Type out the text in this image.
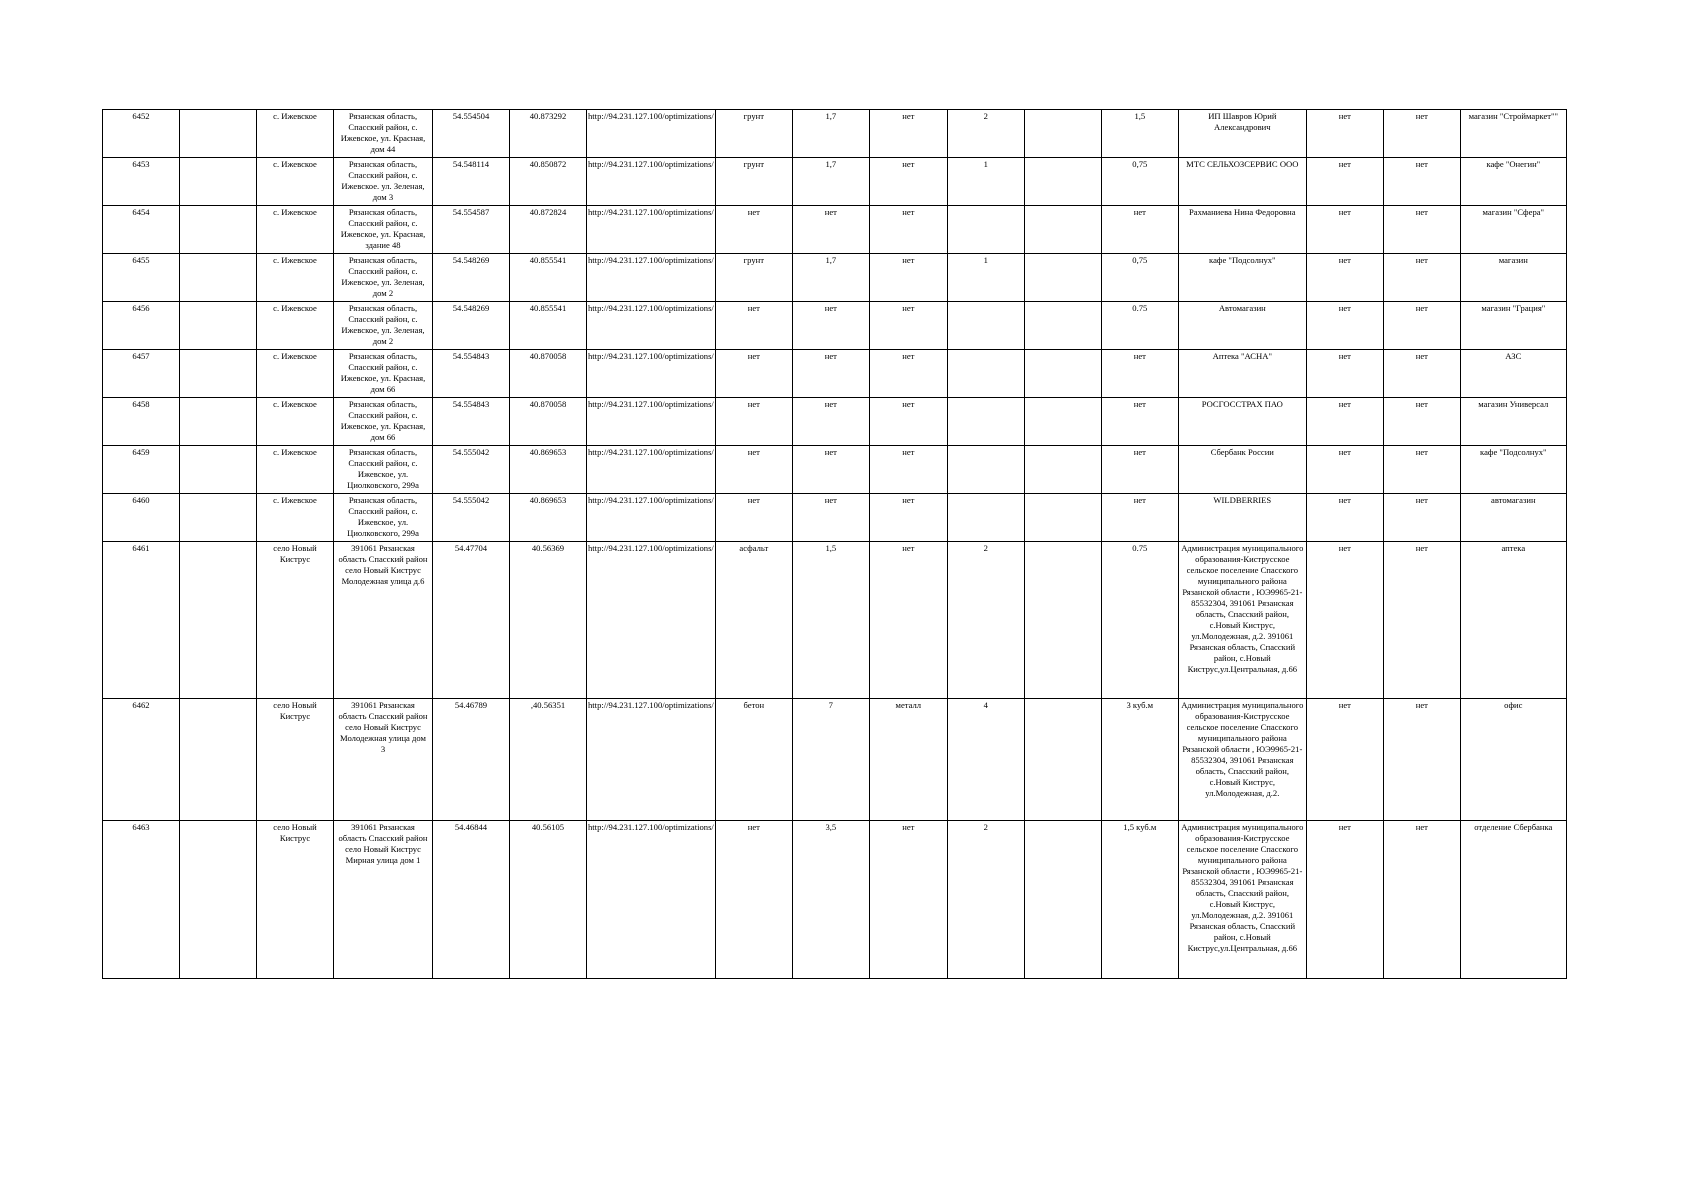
6452		с. Ижевское	Рязанская область, Спасский район, с. Ижевское, ул. Красная, дом 44	54.554504	40.873292	http://94.231.127.100/optimizations/	грунт	1,7	нет	2		1,5	ИП Шавров Юрий Александрович	нет	нет	магазин "Строймаркет""
6453		с. Ижевское	Рязанская область, Спасский район, с. Ижевское. ул. Зеленая, дом 3	54.548114	40.850872	http://94.231.127.100/optimizations/	грунт	1,7	нет	1		0,75	МТС СЕЛЬХОЗСЕРВИС ООО	нет	нет	кафе "Онегин"
6454		с. Ижевское	Рязанская область, Спасский район, с. Ижевское, ул. Красная, здание 48	54.554587	40.872824	http://94.231.127.100/optimizations/	нет	нет	нет			нет	Рахманиева Нина Федоровна	нет	нет	магазин "Сфера"
6455		с. Ижевское	Рязанская область, Спасский район, с. Ижевское, ул. Зеленая, дом 2	54.548269	40.855541	http://94.231.127.100/optimizations/	грунт	1,7	нет	1		0,75	кафе "Подсолнух"	нет	нет	магазин
6456		с. Ижевское	Рязанская область, Спасский район, с. Ижевское, ул. Зеленая, дом 2	54.548269	40.855541	http://94.231.127.100/optimizations/	нет	нет	нет			0.75	Автомагазин	нет	нет	магазин "Грация"
6457		с. Ижевское	Рязанская область, Спасский район, с. Ижевское, ул. Красная, дом 66	54.554843	40.870058	http://94.231.127.100/optimizations/	нет	нет	нет			нет	Аптека "АСНА"	нет	нет	АЗС
6458		с. Ижевское	Рязанская область, Спасский район, с. Ижевское, ул. Красная, дом 66	54.554843	40.870058	http://94.231.127.100/optimizations/	нет	нет	нет			нет	РОСГОССТРАХ ПАО	нет	нет	магазин Универсал
6459		с. Ижевское	Рязанская область, Спасский район, с. Ижевское, ул. Циолковского, 299а	54.555042	40.869653	http://94.231.127.100/optimizations/	нет	нет	нет			нет	Сбербанк России	нет	нет	кафе "Подсолнух"
6460		с. Ижевское	Рязанская область, Спасский район, с. Ижевское, ул. Циолковского, 299а	54.555042	40.869653	http://94.231.127.100/optimizations/	нет	нет	нет			нет	WILDBERRIES	нет	нет	автомагазин
6461		село Новый Киструс	391061 Рязанская область Спасский район село Новый Киструс Молодежная улица д.6	54.47704	40.56369	http://94.231.127.100/optimizations/	асфальт	1,5	нет	2		0.75	Администрация муниципального образования-Киструсское сельское поселение Спасского муниципального района Рязанской области , ЮЭ9965-21-85532304, 391061 Рязанская область, Спасский район, с.Новый Киструс, ул.Молодежная, д.2. 391061 Рязанская область, Спасский район, с.Новый Киструс,ул.Центральная, д.66	нет	нет	аптека
6462		село Новый Киструс	391061 Рязанская область Спасский район село Новый Киструс Молодежная улица дом 3	54.46789	,40.56351	http://94.231.127.100/optimizations/	бетон	7	металл	4		3 куб.м	Администрация муниципального образования-Киструсское сельское поселение Спасского муниципального района Рязанской области , ЮЭ9965-21-85532304, 391061 Рязанская область, Спасский район, с.Новый Киструс, ул.Молодежная, д.2.	нет	нет	офис
6463		село Новый Киструс	391061 Рязанская область Спасский район село Новый Киструс Мирная улица дом 1	54.46844	40.56105	http://94.231.127.100/optimizations/	нет	3,5	нет	2		1,5 куб.м	Администрация муниципального образования-Киструсское сельское поселение Спасского муниципального района Рязанской области , ЮЭ9965-21-85532304, 391061 Рязанская область, Спасский район, с.Новый Киструс, ул.Молодежная, д.2. 391061 Рязанская область, Спасский район, с.Новый Киструс,ул.Центральная, д.66	нет	нет	отделение Сбербанка
